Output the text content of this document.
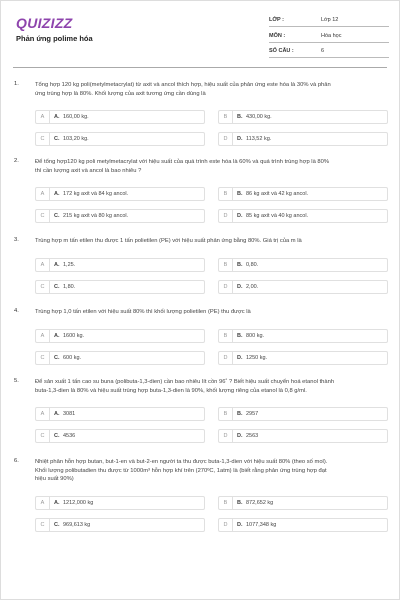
QUIZIZZ
Phản ứng polime hóa
LỚP :	Lớp 12
MÔN :	Hóa học
SỐ CÂU :	6
1.	Tổng hợp 120 kg poli(metylmetacrylat) từ axit và ancol thích hợp, hiệu suất của phản ứng este hóa là 30% và phản
ứng trùng hợp là 80%. Khối lượng của axit tương ứng cần dùng là
A	A. 160,00 kg.	B	B. 430,00 kg.
C	C. 103,20 kg.	D	D. 113,52 kg.
2.	Để tổng hợp120 kg poli metylmetacrylat với hiệu suất của quá trình este hóa là 60% và quá trình trùng hợp là 80%
thì cần lượng axit và ancol là bao nhiêu ?
A	A. 172 kg axit và 84 kg ancol.	B	B. 86 kg axit và 42 kg ancol.
C	C. 215 kg axit và 80 kg ancol.	D	D. 85 kg axit và 40 kg ancol.
3.	Trùng hợp m tấn etilen thu được 1 tấn polietilen (PE) với hiệu suất phản ứng bằng 80%. Giá trị của m là
A	A. 1,25.	B	B. 0,80.
C	C. 1,80.	D	D. 2,00.
4.	Trùng hợp 1,0 tấn etilen với hiệu suất 80% thì khối lượng polietilen (PE) thu được là
A	A. 1600 kg.	B	B. 800 kg.
C	C. 600 kg.	D	D. 1250 kg.
5.	Để sản xuất 1 tấn cao su buna (polibuta-1,3-dien) cần bao nhiêu lít cồn 96˚ ? Biết hiệu suất chuyển hoá etanol thành
buta-1,3-dien là 80% và hiệu suất trùng hợp buta-1,3-dien là 90%, khối lượng riêng của etanol là 0,8 g/ml.
A	A. 3081	B	B. 2957
C	C. 4536	D	D. 2563
6.	Nhiệt phân hỗn hợp butan, but-1-en và but-2-en người ta thu được buta-1,3-dien với hiệu suất 80% (theo số mol).
Khối lượng polibutadien thu được từ 1000m³ hỗn hợp khí trên (270ºC, 1atm) là (biết rằng phản ứng trùng hợp đạt
hiệu suất 90%)
A	A. 1212,000 kg	B	B. 872,652 kg
C	C. 969,613 kg	D	D. 1077,348 kg
